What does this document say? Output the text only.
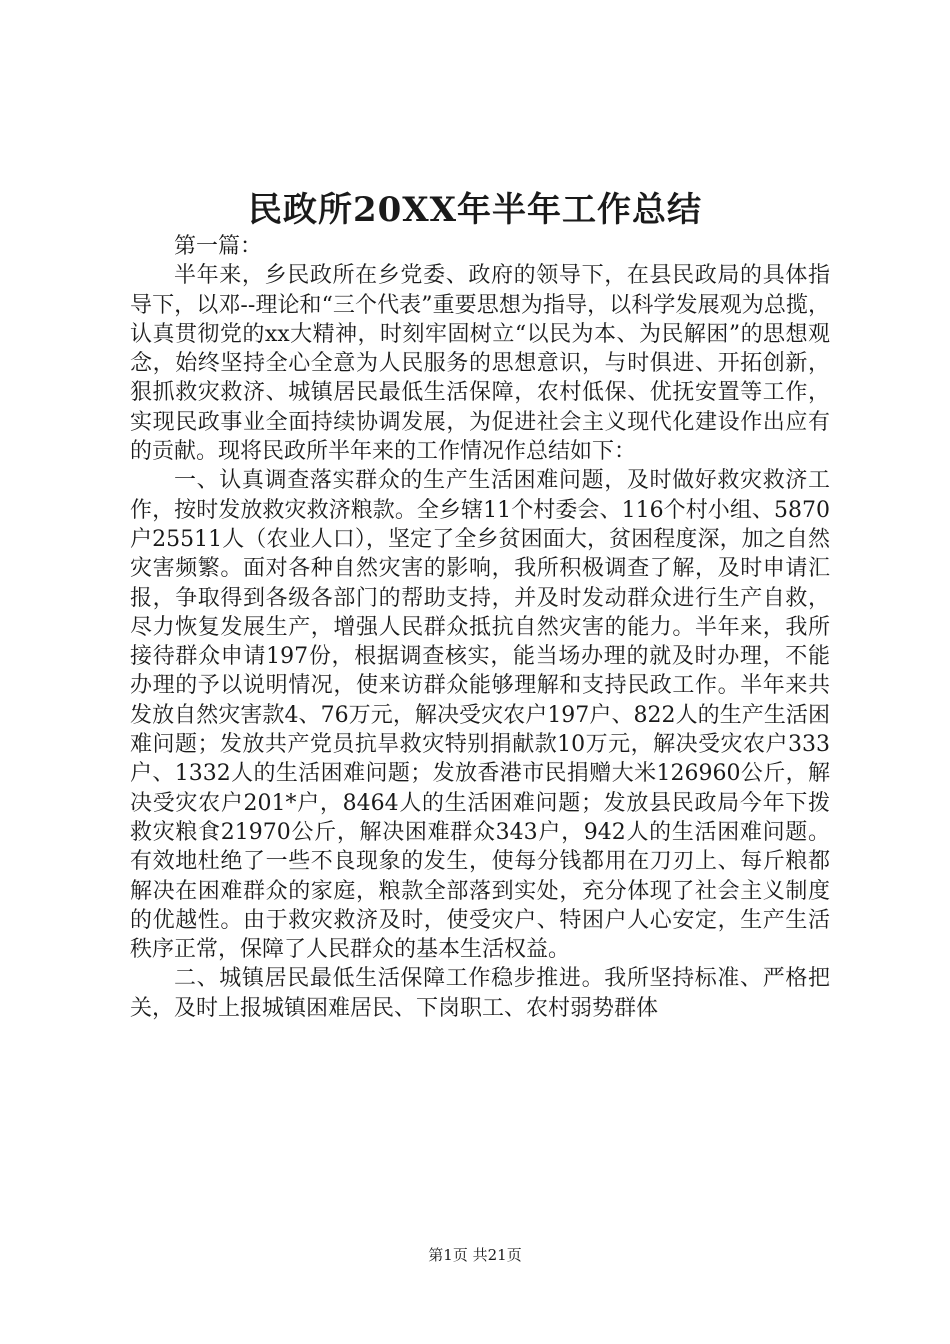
民政所20XX年半年工作总结

第一篇：

半年来，乡民政所在乡党委、政府的领导下，在县民政局的具体指导下，以邓--理论和“三个代表”重要思想为指导，以科学发展观为总揽，认真贯彻党的xx大精神，时刻牢固树立“以民为本、为民解困”的思想观念，始终坚持全心全意为人民服务的思想意识，与时俱进、开拓创新，狠抓救灾救济、城镇居民最低生活保障，农村低保、优抚安置等工作，实现民政事业全面持续协调发展，为促进社会主义现代化建设作出应有的贡献。现将民政所半年来的工作情况作总结如下：

一、认真调查落实群众的生产生活困难问题，及时做好救灾救济工作，按时发放救灾救济粮款。全乡辖11个村委会、116个村小组、5870户25511人（农业人口），坚定了全乡贫困面大，贫困程度深，加之自然灾害频繁。面对各种自然灾害的影响，我所积极调查了解，及时申请汇报，争取得到各级各部门的帮助支持，并及时发动群众进行生产自救，尽力恢复发展生产，增强人民群众抵抗自然灾害的能力。半年来，我所接待群众申请197份，根据调查核实，能当场办理的就及时办理，不能办理的予以说明情况，使来访群众能够理解和支持民政工作。半年来共发放自然灾害款4、76万元，解决受灾农户197户、822人的生产生活困难问题；发放共产党员抗旱救灾特别捐献款10万元，解决受灾农户333户、1332人的生活困难问题；发放香港市民捐赠大米126960公斤，解决受灾农户201*户，8464人的生活困难问题；发放县民政局今年下拨救灾粮食21970公斤，解决困难群众343户，942人的生活困难问题。有效地杜绝了一些不良现象的发生，使每分钱都用在刀刃上、每斤粮都解决在困难群众的家庭，粮款全部落到实处，充分体现了社会主义制度的优越性。由于救灾救济及时，使受灾户、特困户人心安定，生产生活秩序正常，保障了人民群众的基本生活权益。

二、城镇居民最低生活保障工作稳步推进。我所坚持标准、严格把关，及时上报城镇困难居民、下岗职工、农村弱势群体

第1页 共21页
